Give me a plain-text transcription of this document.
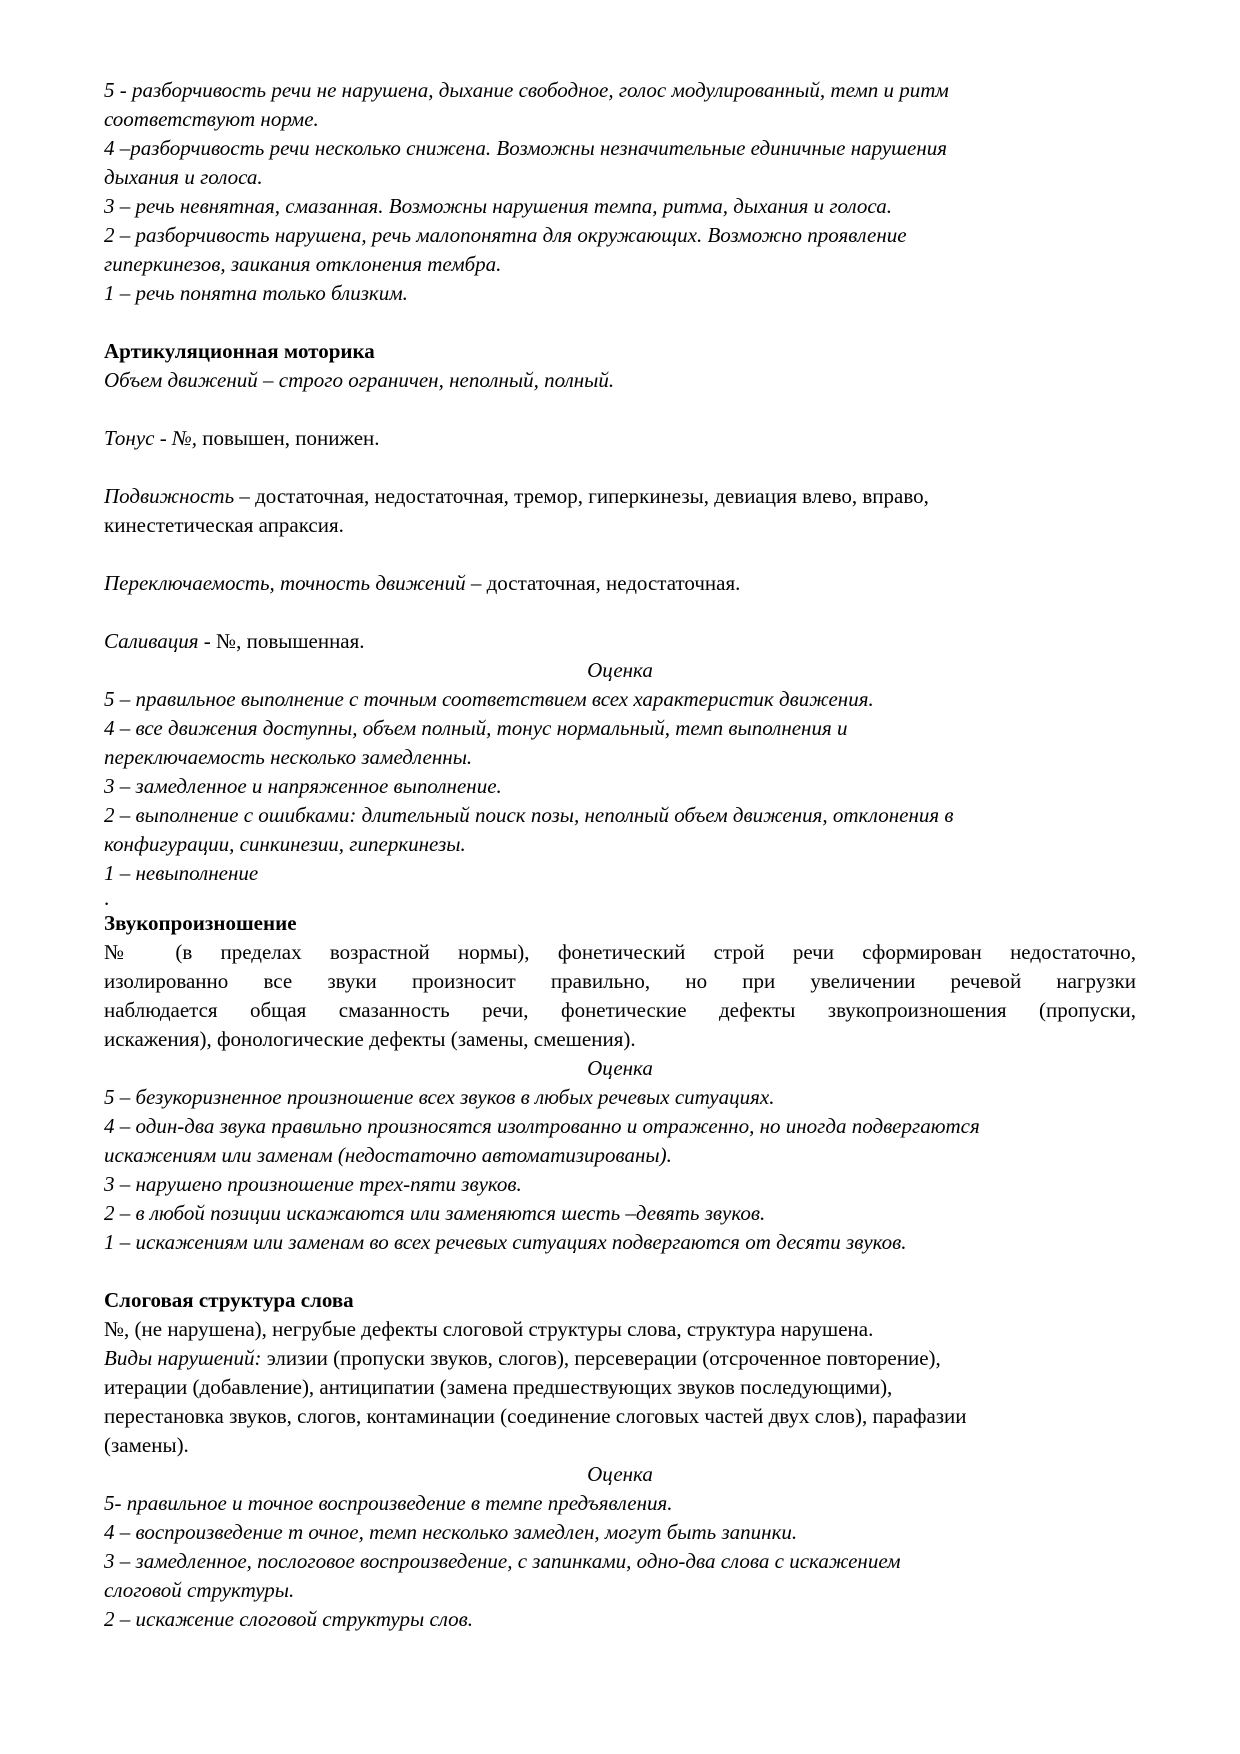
5 - разборчивость речи не нарушена, дыхание свободное, голос модулированный, темп и ритм
соответствуют норме.
4 –разборчивость речи несколько снижена. Возможны незначительные единичные нарушения
дыхания и голоса.
3 – речь невнятная, смазанная. Возможны нарушения темпа, ритма, дыхания и голоса.
2 – разборчивость нарушена, речь малопонятна для окружающих. Возможно проявление
гиперкинезов, заикания отклонения тембра.
1 – речь понятна только близким.
Артикуляционная моторика
Объем движений – строго ограничен, неполный, полный.
Тонус - №, повышен, понижен.
Подвижность – достаточная, недостаточная, тремор, гиперкинезы, девиация влево, вправо,
кинестетическая апраксия.
Переключаемость, точность движений – достаточная, недостаточная.
Саливация - №, повышенная.
Оценка
5 – правильное выполнение с точным соответствием всех характеристик движения.
4 – все движения доступны, объем полный, тонус нормальный, темп выполнения и
переключаемость несколько замедленны.
3 – замедленное и напряженное выполнение.
2 – выполнение с ошибками: длительный поиск позы, неполный объем движения, отклонения в
конфигурации, синкинезии, гиперкинезы.
1 – невыполнение
.
Звукопроизношение
№ (в пределах возрастной нормы), фонетический строй речи сформирован недостаточно,
изолированно все звуки произносит правильно, но при увеличении речевой нагрузки
наблюдается общая смазанность речи, фонетические дефекты звукопроизношения (пропуски,
искажения), фонологические дефекты (замены, смешения).
Оценка
5 – безукоризненное произношение всех звуков в любых речевых ситуациях.
4 – один-два звука правильно произносятся изолтрованно и отраженно, но иногда подвергаются
искажениям или заменам (недостаточно автоматизированы).
3 – нарушено произношение трех-пяти звуков.
2 – в любой позиции искажаются или заменяются шесть –девять звуков.
1 – искажениям или заменам во всех речевых ситуациях подвергаются от десяти звуков.
Слоговая структура слова
№, (не нарушена), негрубые дефекты слоговой структуры слова, структура нарушена.
Виды нарушений: элизии (пропуски звуков, слогов), персеверации (отсроченное повторение),
итерации (добавление), антиципатии (замена предшествующих звуков последующими),
перестановка звуков, слогов, контаминации (соединение слоговых частей двух слов), парафазии
(замены).
Оценка
5- правильное и точное воспроизведение в темпе предъявления.
4 – воспроизведение т очное, темп несколько замедлен, могут быть запинки.
3 – замедленное, послоговое воспроизведение, с запинками, одно-два слова с искажением
слоговой структуры.
2 – искажение слоговой структуры слов.
